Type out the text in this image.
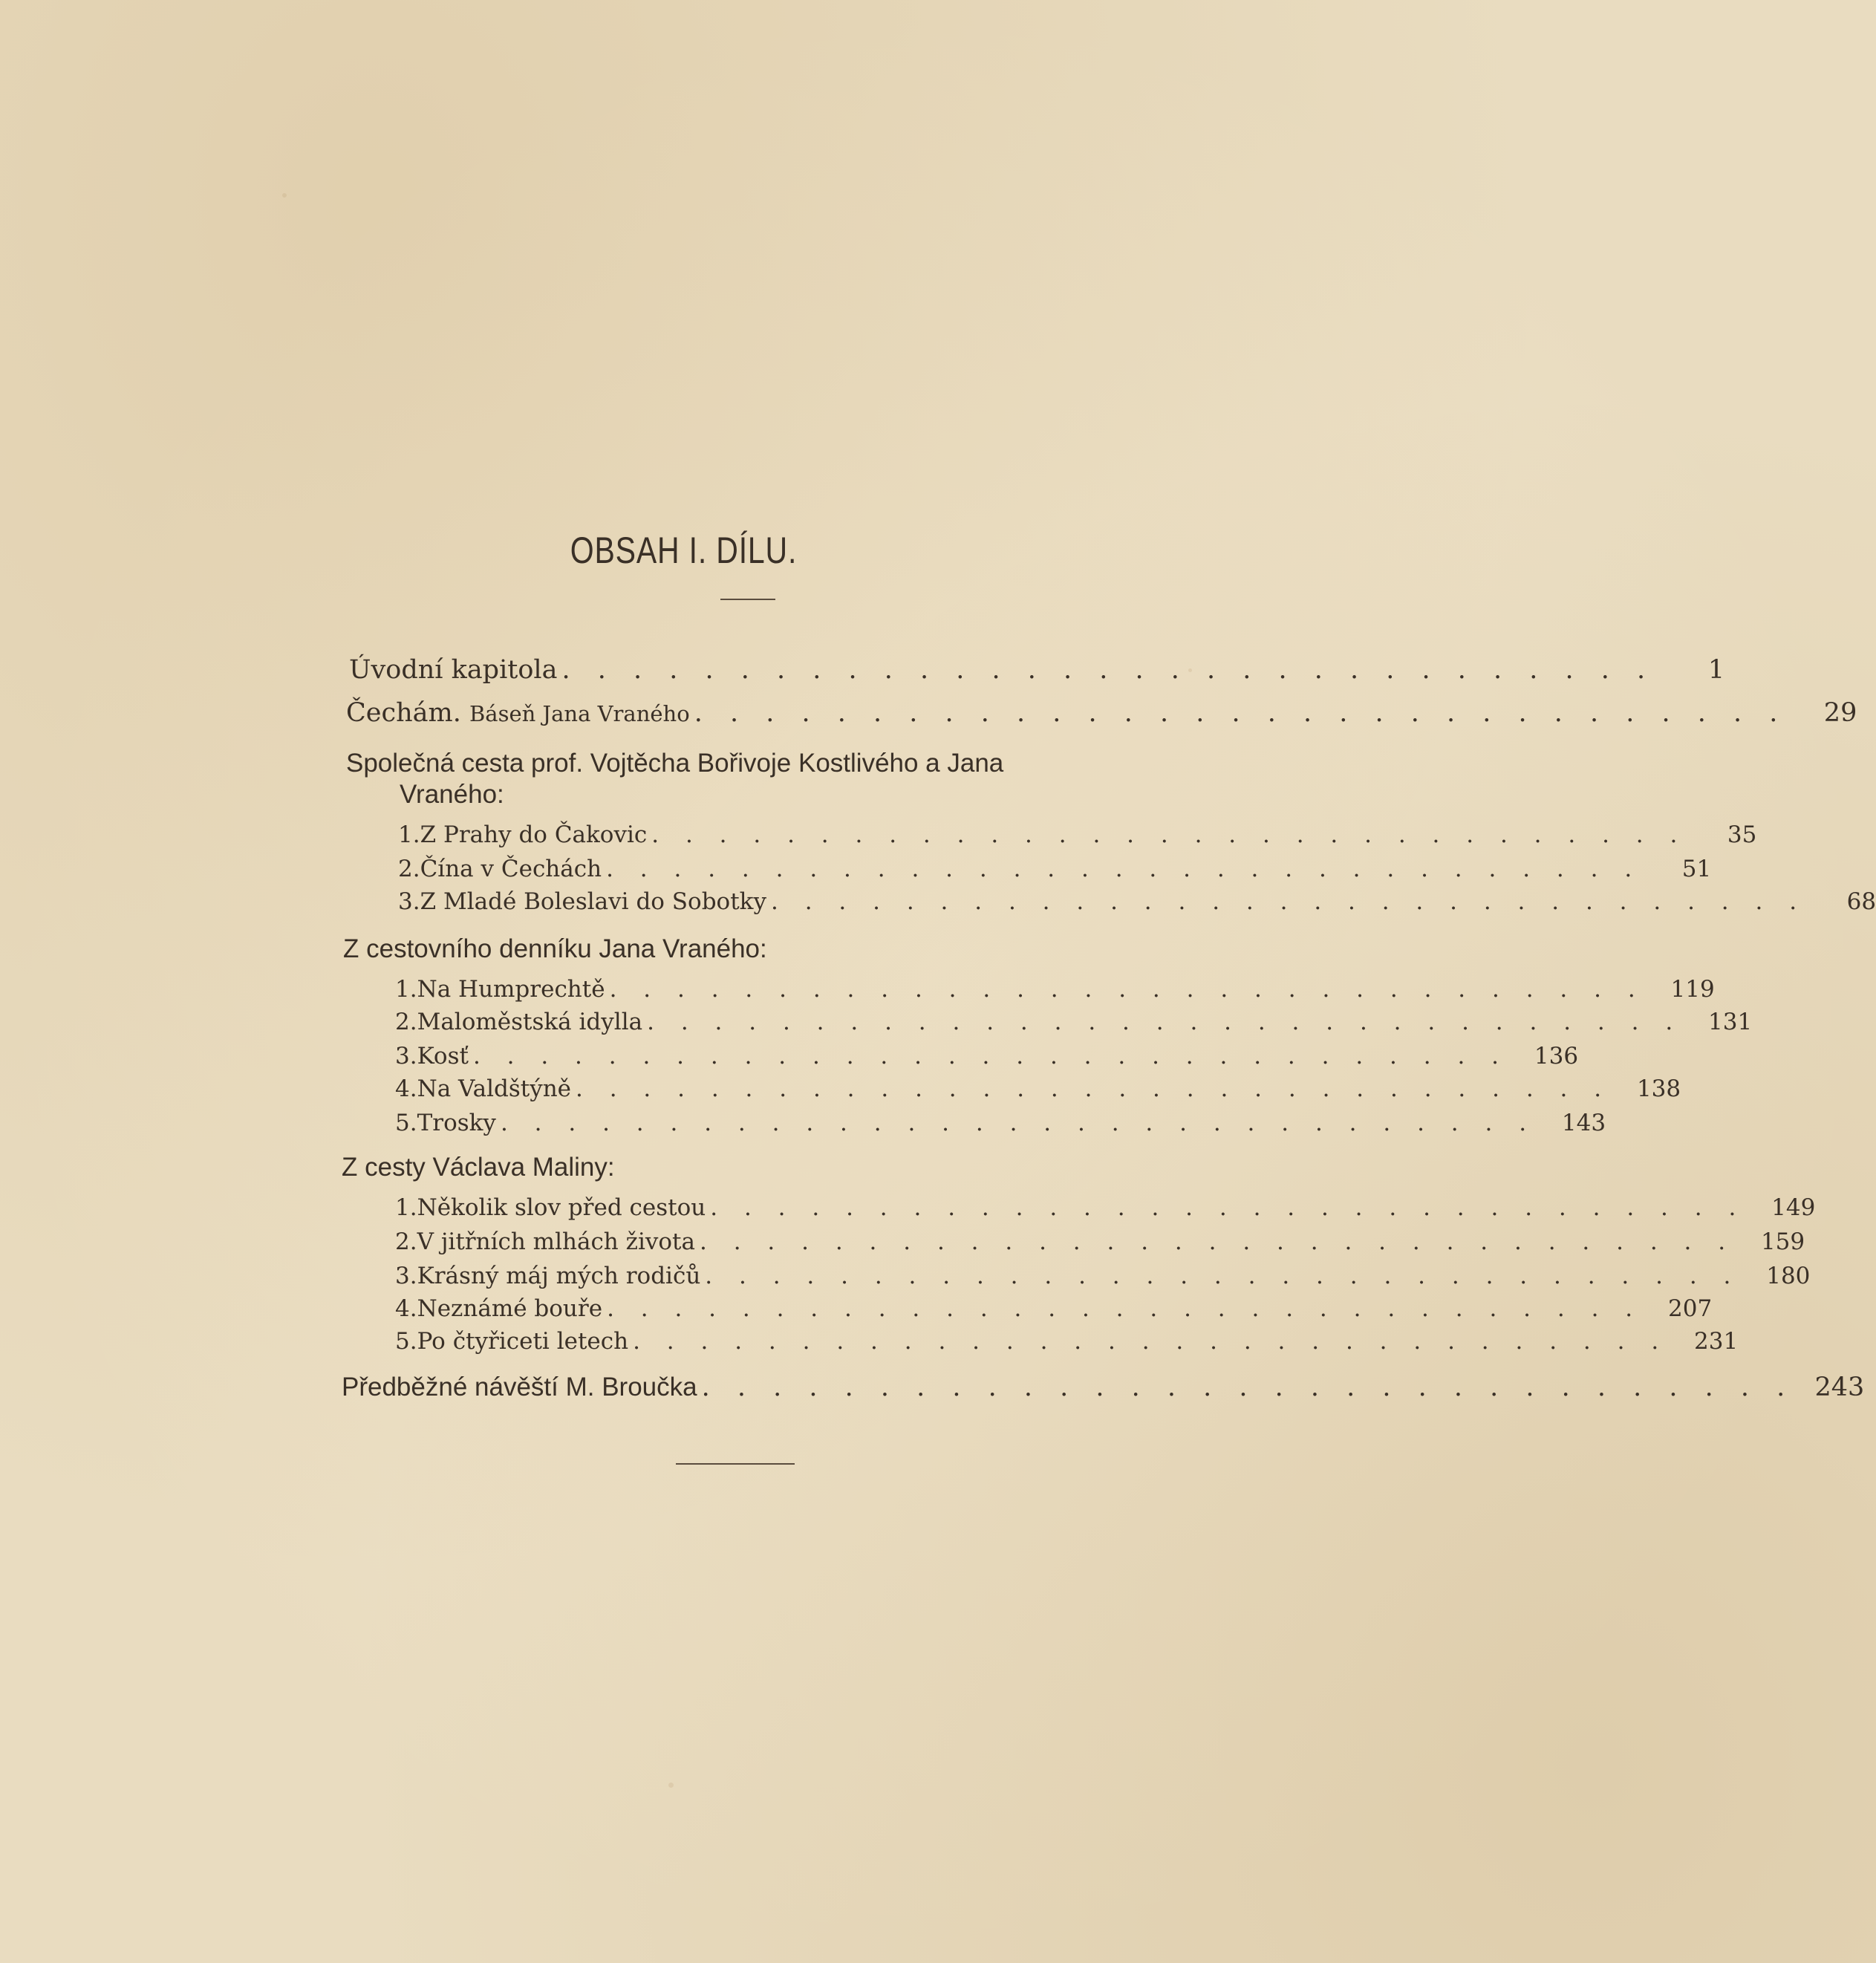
OBSAH I. DÍLU.
Úvodní kapitola . . . . . . . . . . . . . . . . . . . . . . . . . . . . . . .	1
Čechám. Báseň Jana Vraného . . . . . . . . . . . . . . . . . . . . . . . . . . . . . . .	29
Společná cesta prof. Vojtěcha Bořivoje Kostlivého a Jana
Vraného:
1. Z Prahy do Čakovic . . . . . . . . . . . . . . . . . . . . . . . . . . . . . . .	35
2. Čína v Čechách . . . . . . . . . . . . . . . . . . . . . . . . . . . . . . .	51
3. Z Mladé Boleslavi do Sobotky . . . . . . . . . . . . . . . . . . . . . . . . . . . . . . .	68
Z cestovního denníku Jana Vraného:
1. Na Humprechtě . . . . . . . . . . . . . . . . . . . . . . . . . . . . . . .	119
2. Maloměstská idylla . . . . . . . . . . . . . . . . . . . . . . . . . . . . . . .	131
3. Kosť . . . . . . . . . . . . . . . . . . . . . . . . . . . . . . .	136
4. Na Valdštýně . . . . . . . . . . . . . . . . . . . . . . . . . . . . . . .	138
5. Trosky . . . . . . . . . . . . . . . . . . . . . . . . . . . . . . .	143
Z cesty Václava Maliny:
1. Několik slov před cestou . . . . . . . . . . . . . . . . . . . . . . . . . . . . . . .	149
2. V jitřních mlhách života . . . . . . . . . . . . . . . . . . . . . . . . . . . . . . .	159
3. Krásný máj mých rodičů . . . . . . . . . . . . . . . . . . . . . . . . . . . . . . .	180
4. Neznámé bouře . . . . . . . . . . . . . . . . . . . . . . . . . . . . . . .	207
5. Po čtyřiceti letech . . . . . . . . . . . . . . . . . . . . . . . . . . . . . . .	231
Předběžné návěští M. Broučka . . . . . . . . . . . . . . . . . . . . . . . . . . . . . . . 243
